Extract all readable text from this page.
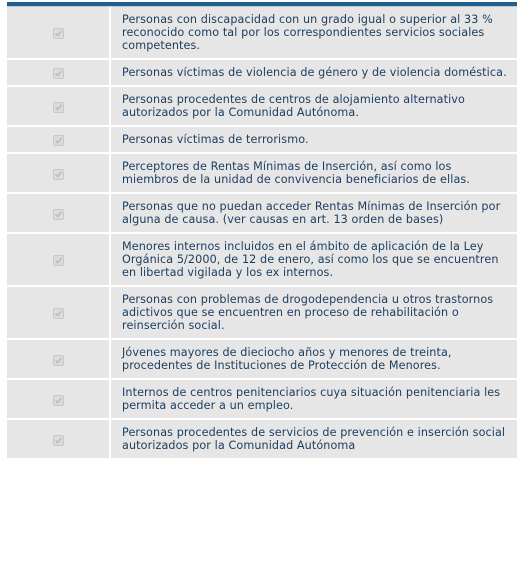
	Personas con discapacidad con un grado igual o superior al 33 % reconocido como tal por los correspondientes servicios sociales competentes.

	Personas víctimas de violencia de género y de violencia doméstica.

	Personas procedentes de centros de alojamiento alternativo autorizados por la Comunidad Autónoma.

	Personas víctimas de terrorismo.

	Perceptores de Rentas Mínimas de Inserción, así como los miembros de la unidad de convivencia beneficiarios de ellas.

	Personas que no puedan acceder Rentas Mínimas de Inserción por alguna de causa. (ver causas en art. 13 orden de bases)

	Menores internos incluidos en el ámbito de aplicación de la Ley Orgánica 5/2000, de 12 de enero, así como los que se encuentren en libertad vigilada y los ex internos.

	Personas con problemas de drogodependencia u otros trastornos adictivos que se encuentren en proceso de rehabilitación o reinserción social.

	Jóvenes mayores de dieciocho años y menores de treinta, procedentes de Instituciones de Protección de Menores.

	Internos de centros penitenciarios cuya situación penitenciaria les permita acceder a un empleo.

	Personas procedentes de servicios de prevención e inserción social autorizados por la Comunidad Autónoma
